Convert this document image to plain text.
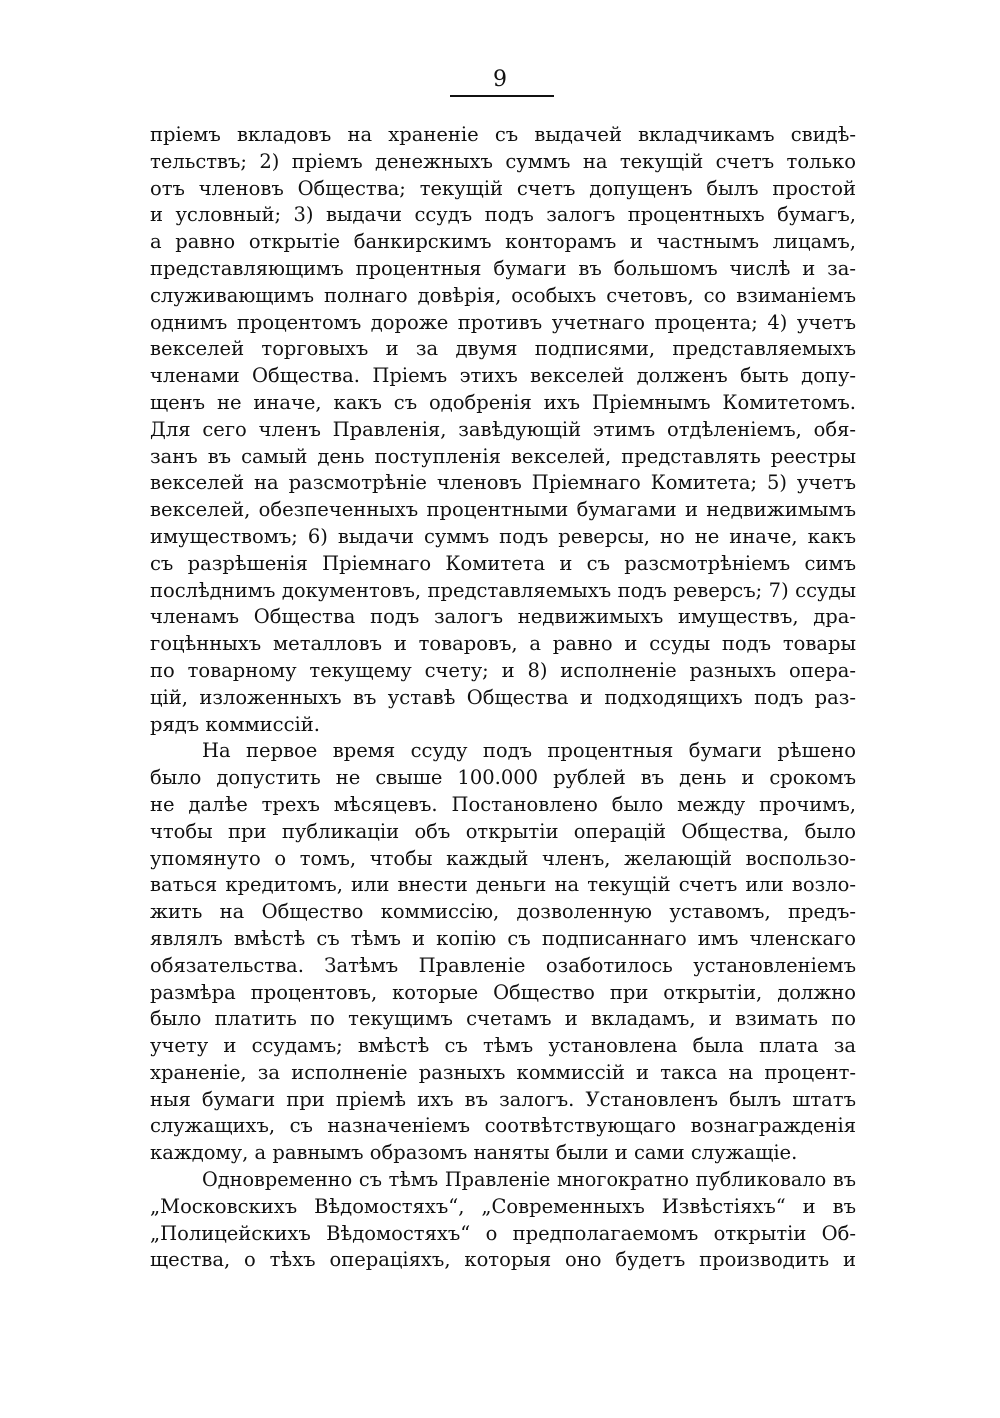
9
пріемъ вкладовъ на храненіе съ выдачей вкладчикамъ свидѣ-
тельствъ; 2) пріемъ денежныхъ суммъ на текущій счетъ только
отъ членовъ Общества; текущій счетъ допущенъ былъ простой
и условный; 3) выдачи ссудъ подъ залогъ процентныхъ бумагъ,
а равно открытіе банкирскимъ конторамъ и частнымъ лицамъ,
представляющимъ процентныя бумаги въ большомъ числѣ и за-
служивающимъ полнаго довѣрія, особыхъ счетовъ, со взиманіемъ
однимъ процентомъ дороже противъ учетнаго процента; 4) учетъ
векселей торговыхъ и за двумя подписями, представляемыхъ
членами Общества. Пріемъ этихъ векселей долженъ быть допу-
щенъ не иначе, какъ съ одобренія ихъ Пріемнымъ Комитетомъ.
Для сего членъ Правленія, завѣдующій этимъ отдѣленіемъ, обя-
занъ въ самый день поступленія векселей, представлять реестры
векселей на разсмотрѣніе членовъ Пріемнаго Комитета; 5) учетъ
векселей, обезпеченныхъ процентными бумагами и недвижимымъ
имуществомъ; 6) выдачи суммъ подъ реверсы, но не иначе, какъ
съ разрѣшенія Пріемнаго Комитета и съ разсмотрѣніемъ симъ
послѣднимъ документовъ, представляемыхъ подъ реверсъ; 7) ссуды
членамъ Общества подъ залогъ недвижимыхъ имуществъ, дра-
гоцѣнныхъ металловъ и товаровъ, а равно и ссуды подъ товары
по товарному текущему счету; и 8) исполненіе разныхъ опера-
цій, изложенныхъ въ уставѣ Общества и подходящихъ подъ раз-
рядъ коммиссій.
На первое время ссуду подъ процентныя бумаги рѣшено
было допустить не свыше 100.000 рублей въ день и срокомъ
не далѣе трехъ мѣсяцевъ. Постановлено было между прочимъ,
чтобы при публикаціи объ открытіи операцій Общества, было
упомянуто о томъ, чтобы каждый членъ, желающій воспользо-
ваться кредитомъ, или внести деньги на текущій счетъ или возло-
жить на Общество коммиссію, дозволенную уставомъ, предъ-
являлъ вмѣстѣ съ тѣмъ и копію съ подписаннаго имъ членскаго
обязательства. Затѣмъ Правленіе озаботилось установленіемъ
размѣра процентовъ, которые Общество при открытіи, должно
было платить по текущимъ счетамъ и вкладамъ, и взимать по
учету и ссудамъ; вмѣстѣ съ тѣмъ установлена была плата за
храненіе, за исполненіе разныхъ коммиссій и такса на процент-
ныя бумаги при пріемѣ ихъ въ залогъ. Установленъ былъ штатъ
служащихъ, съ назначеніемъ соотвѣтствующаго вознагражденія
каждому, а равнымъ образомъ наняты были и сами служащіе.
Одновременно съ тѣмъ Правленіе многократно публиковало въ
„Московскихъ Вѣдомостяхъ“, „Современныхъ Извѣстіяхъ“ и въ
„Полицейскихъ Вѣдомостяхъ“ о предполагаемомъ открытіи Об-
щества, о тѣхъ операціяхъ, которыя оно будетъ производить и
